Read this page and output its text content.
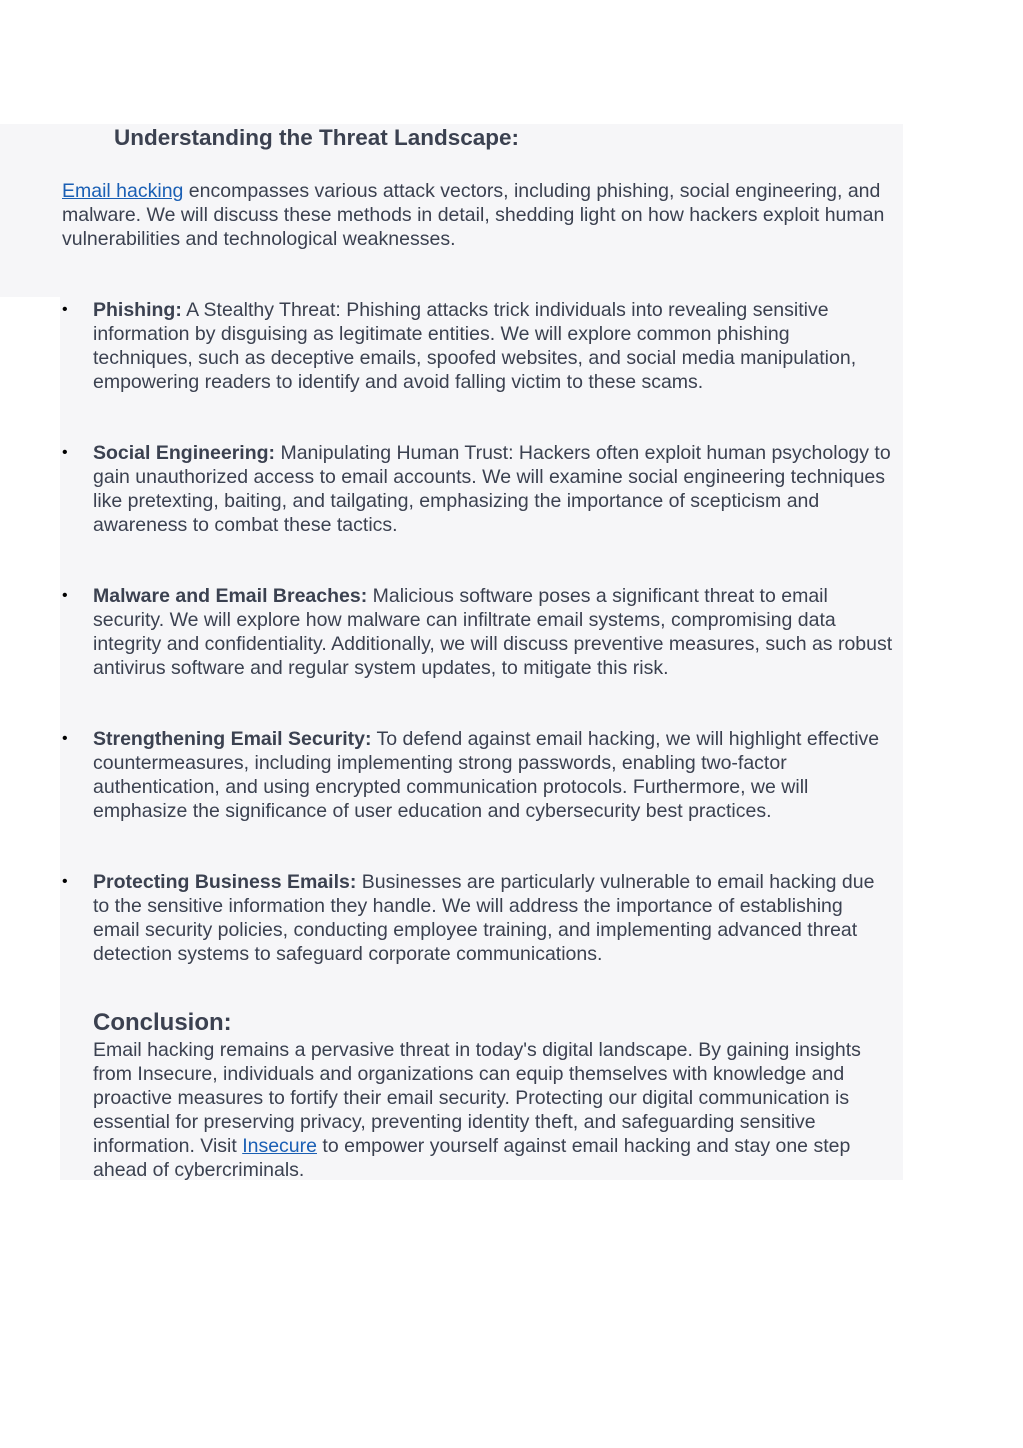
Understanding the Threat Landscape:

Email hacking encompasses various attack vectors, including phishing, social engineering, and malware. We will discuss these methods in detail, shedding light on how hackers exploit human vulnerabilities and technological weaknesses.

• Phishing: A Stealthy Threat: Phishing attacks trick individuals into revealing sensitive information by disguising as legitimate entities. We will explore common phishing techniques, such as deceptive emails, spoofed websites, and social media manipulation, empowering readers to identify and avoid falling victim to these scams.
• Social Engineering: Manipulating Human Trust: Hackers often exploit human psychology to gain unauthorized access to email accounts. We will examine social engineering techniques like pretexting, baiting, and tailgating, emphasizing the importance of scepticism and awareness to combat these tactics.
• Malware and Email Breaches: Malicious software poses a significant threat to email security. We will explore how malware can infiltrate email systems, compromising data integrity and confidentiality. Additionally, we will discuss preventive measures, such as robust antivirus software and regular system updates, to mitigate this risk.
• Strengthening Email Security: To defend against email hacking, we will highlight effective countermeasures, including implementing strong passwords, enabling two-factor authentication, and using encrypted communication protocols. Furthermore, we will emphasize the significance of user education and cybersecurity best practices.
• Protecting Business Emails: Businesses are particularly vulnerable to email hacking due to the sensitive information they handle. We will address the importance of establishing email security policies, conducting employee training, and implementing advanced threat detection systems to safeguard corporate communications.
Conclusion:

Email hacking remains a pervasive threat in today's digital landscape. By gaining insights from Insecure, individuals and organizations can equip themselves with knowledge and proactive measures to fortify their email security. Protecting our digital communication is essential for preserving privacy, preventing identity theft, and safeguarding sensitive information. Visit Insecure to empower yourself against email hacking and stay one step ahead of cybercriminals.
